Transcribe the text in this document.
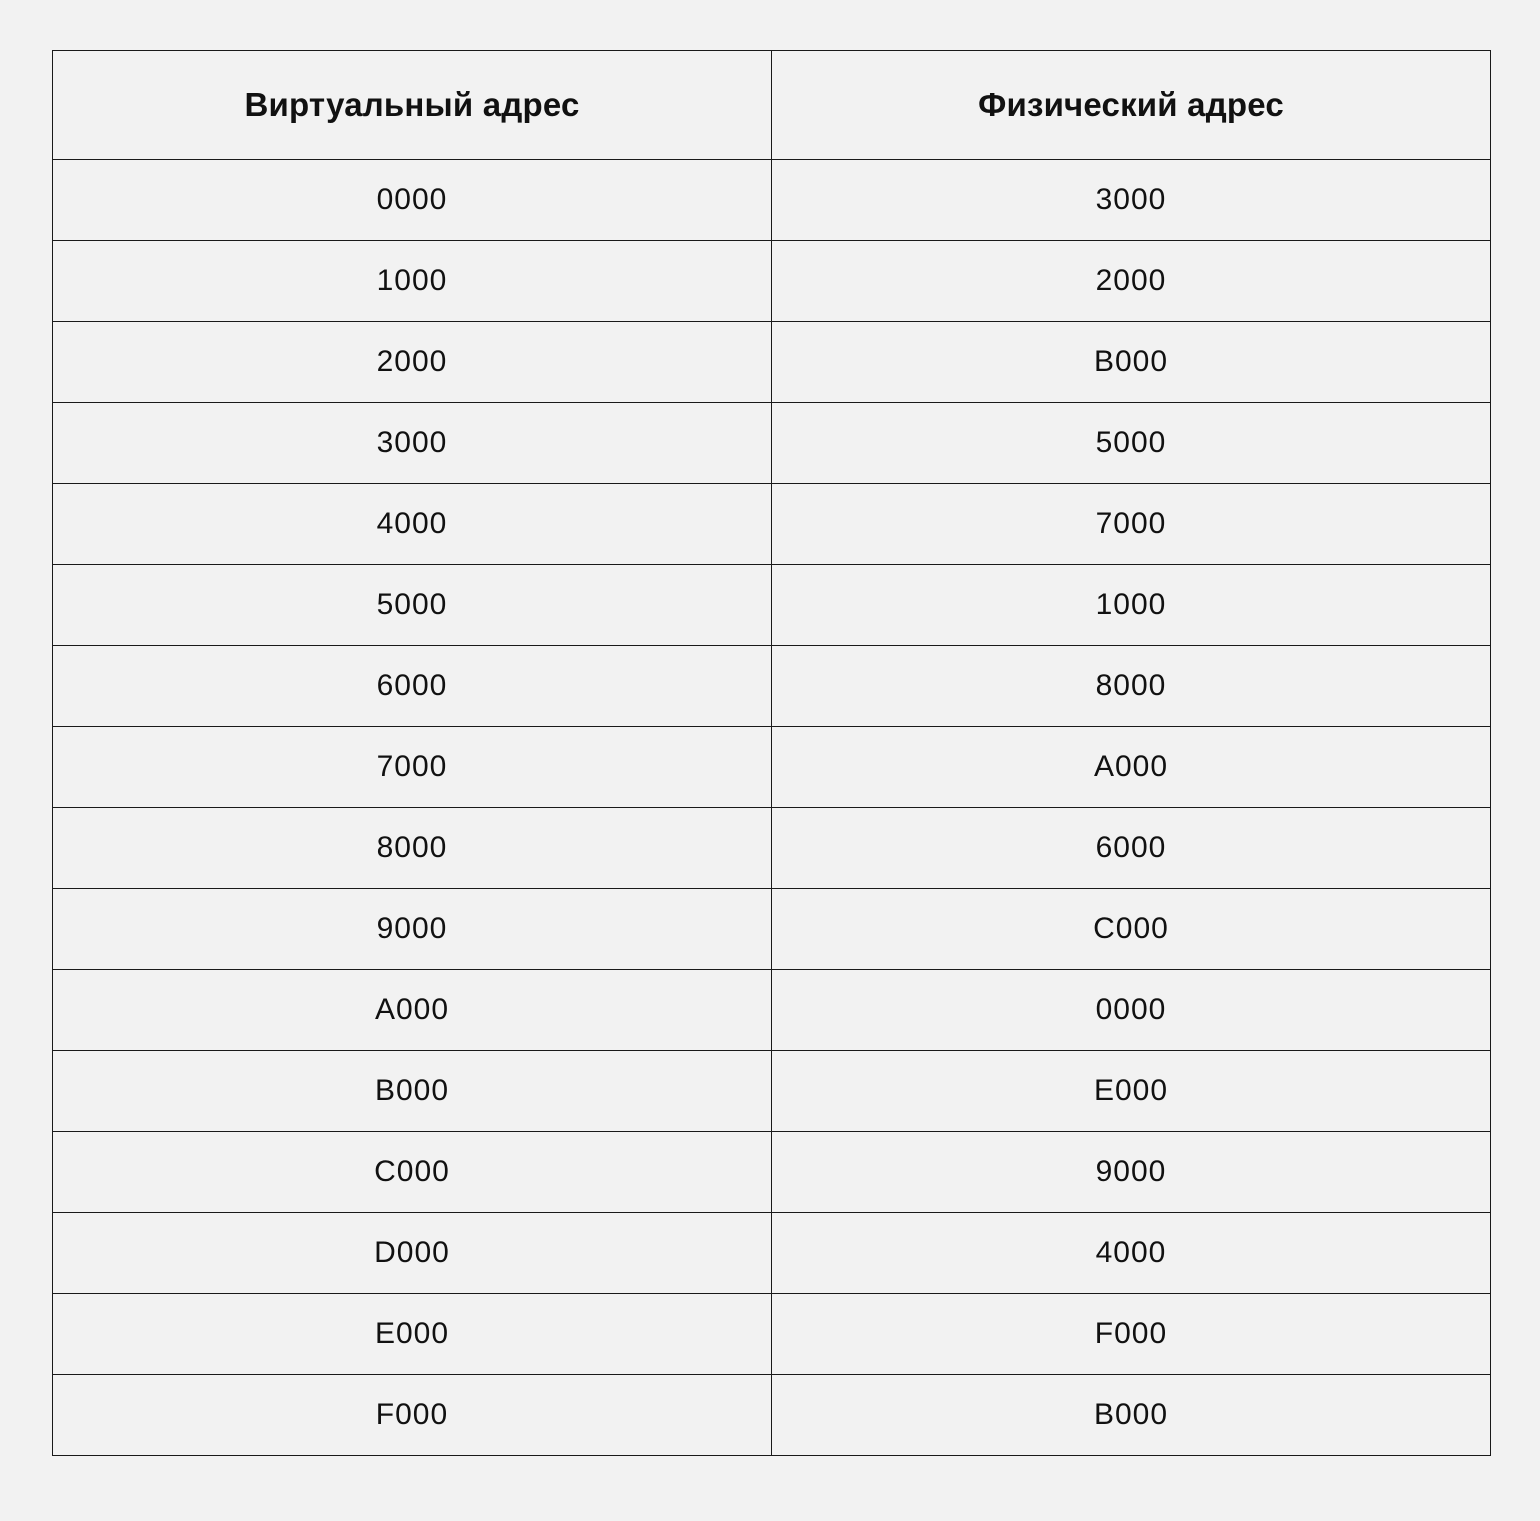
Виртуальный адрес	Физический адрес
0000	3000
1000	2000
2000	B000
3000	5000
4000	7000
5000	1000
6000	8000
7000	A000
8000	6000
9000	C000
A000	0000
B000	E000
C000	9000
D000	4000
E000	F000
F000	B000
